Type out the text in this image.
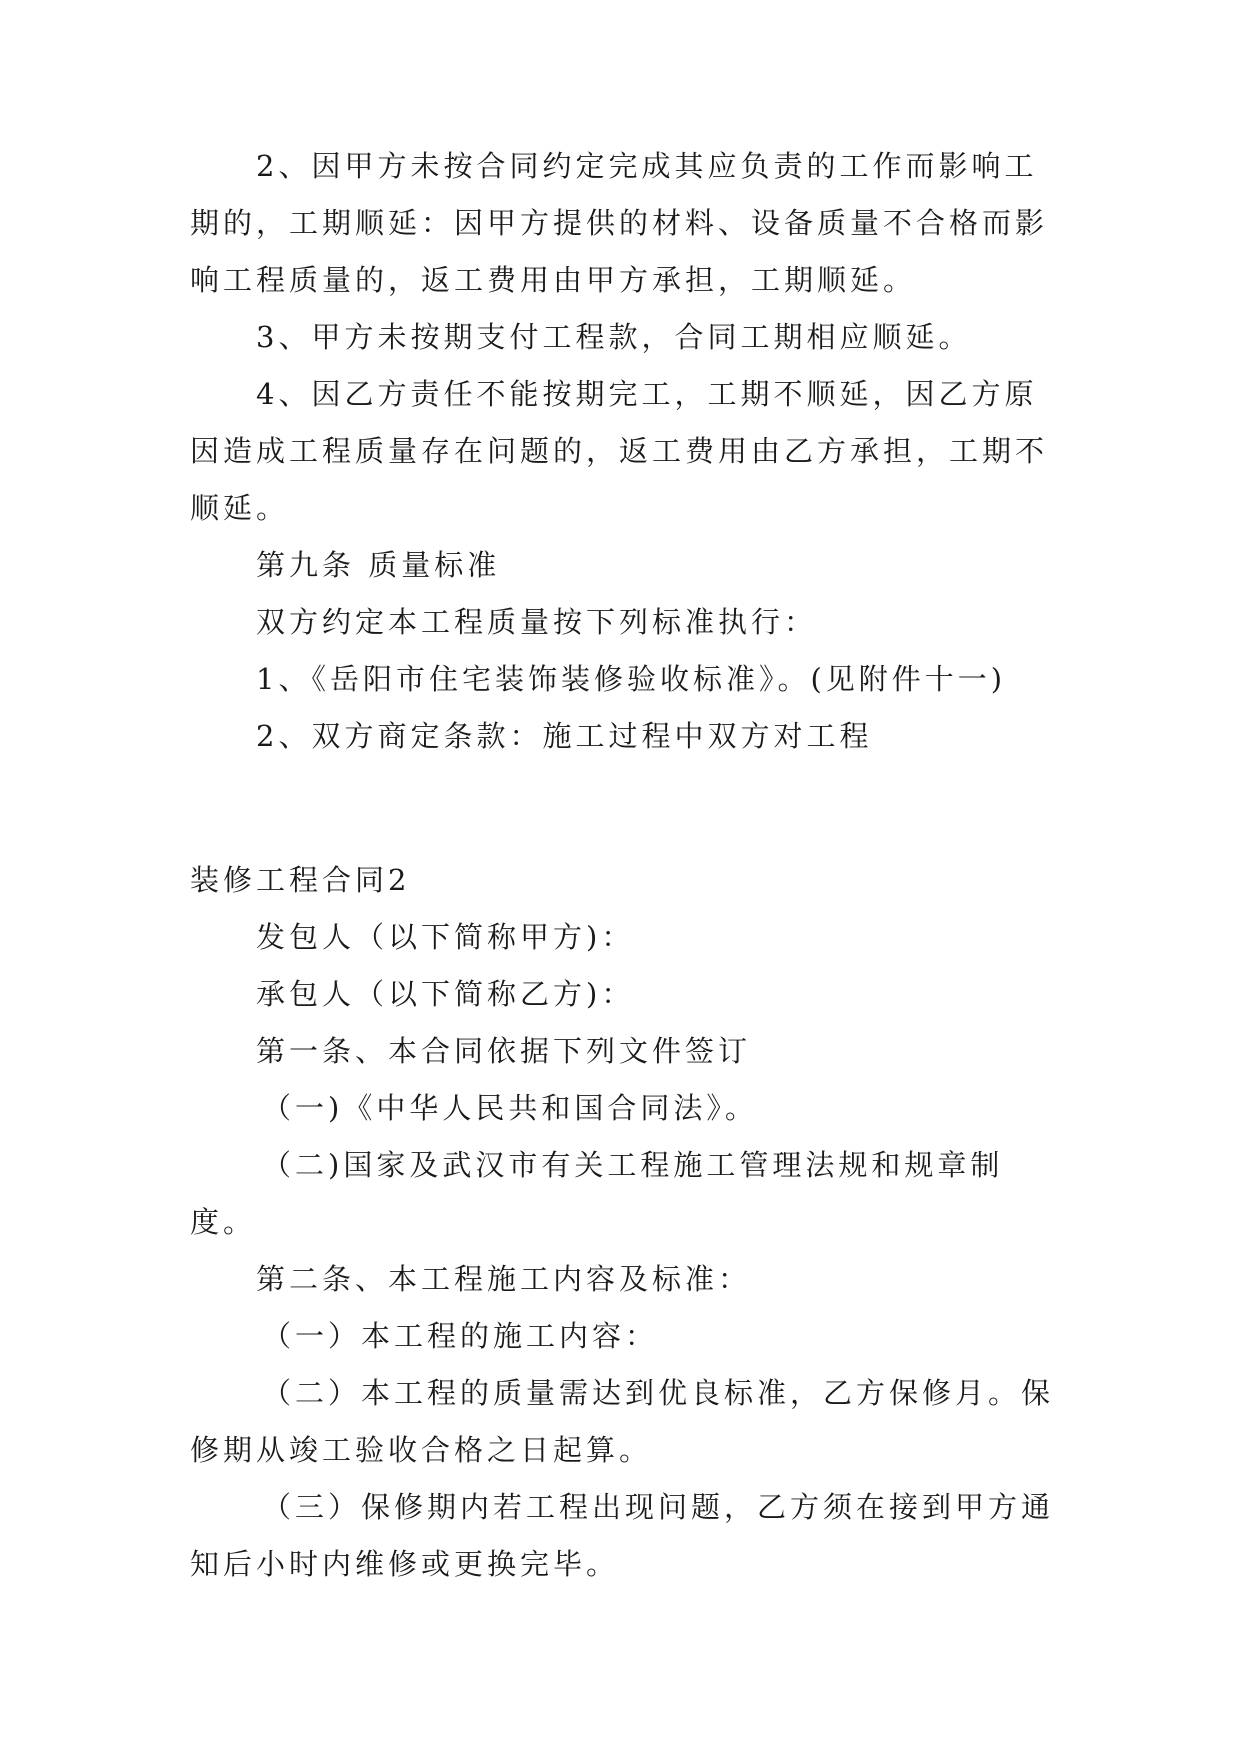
2、因甲方未按合同约定完成其应负责的工作而影响工期的，工期顺延：因甲方提供的材料、设备质量不合格而影响工程质量的，返工费用由甲方承担，工期顺延。

3、甲方未按期支付工程款，合同工期相应顺延。

4、因乙方责任不能按期完工，工期不顺延，因乙方原因造成工程质量存在问题的，返工费用由乙方承担，工期不顺延。

第九条 质量标准

双方约定本工程质量按下列标准执行：

1、《岳阳市住宅装饰装修验收标准》。(见附件十一)

2、双方商定条款：施工过程中双方对工程

装修工程合同2

发包人（以下简称甲方)：

承包人（以下简称乙方)：

第一条、本合同依据下列文件签订

（一)《中华人民共和国合同法》。

（二)国家及武汉市有关工程施工管理法规和规章制度。

第二条、本工程施工内容及标准：

（一）本工程的施工内容：

（二）本工程的质量需达到优良标准，乙方保修月。保修期从竣工验收合格之日起算。

（三）保修期内若工程出现问题，乙方须在接到甲方通知后小时内维修或更换完毕。
